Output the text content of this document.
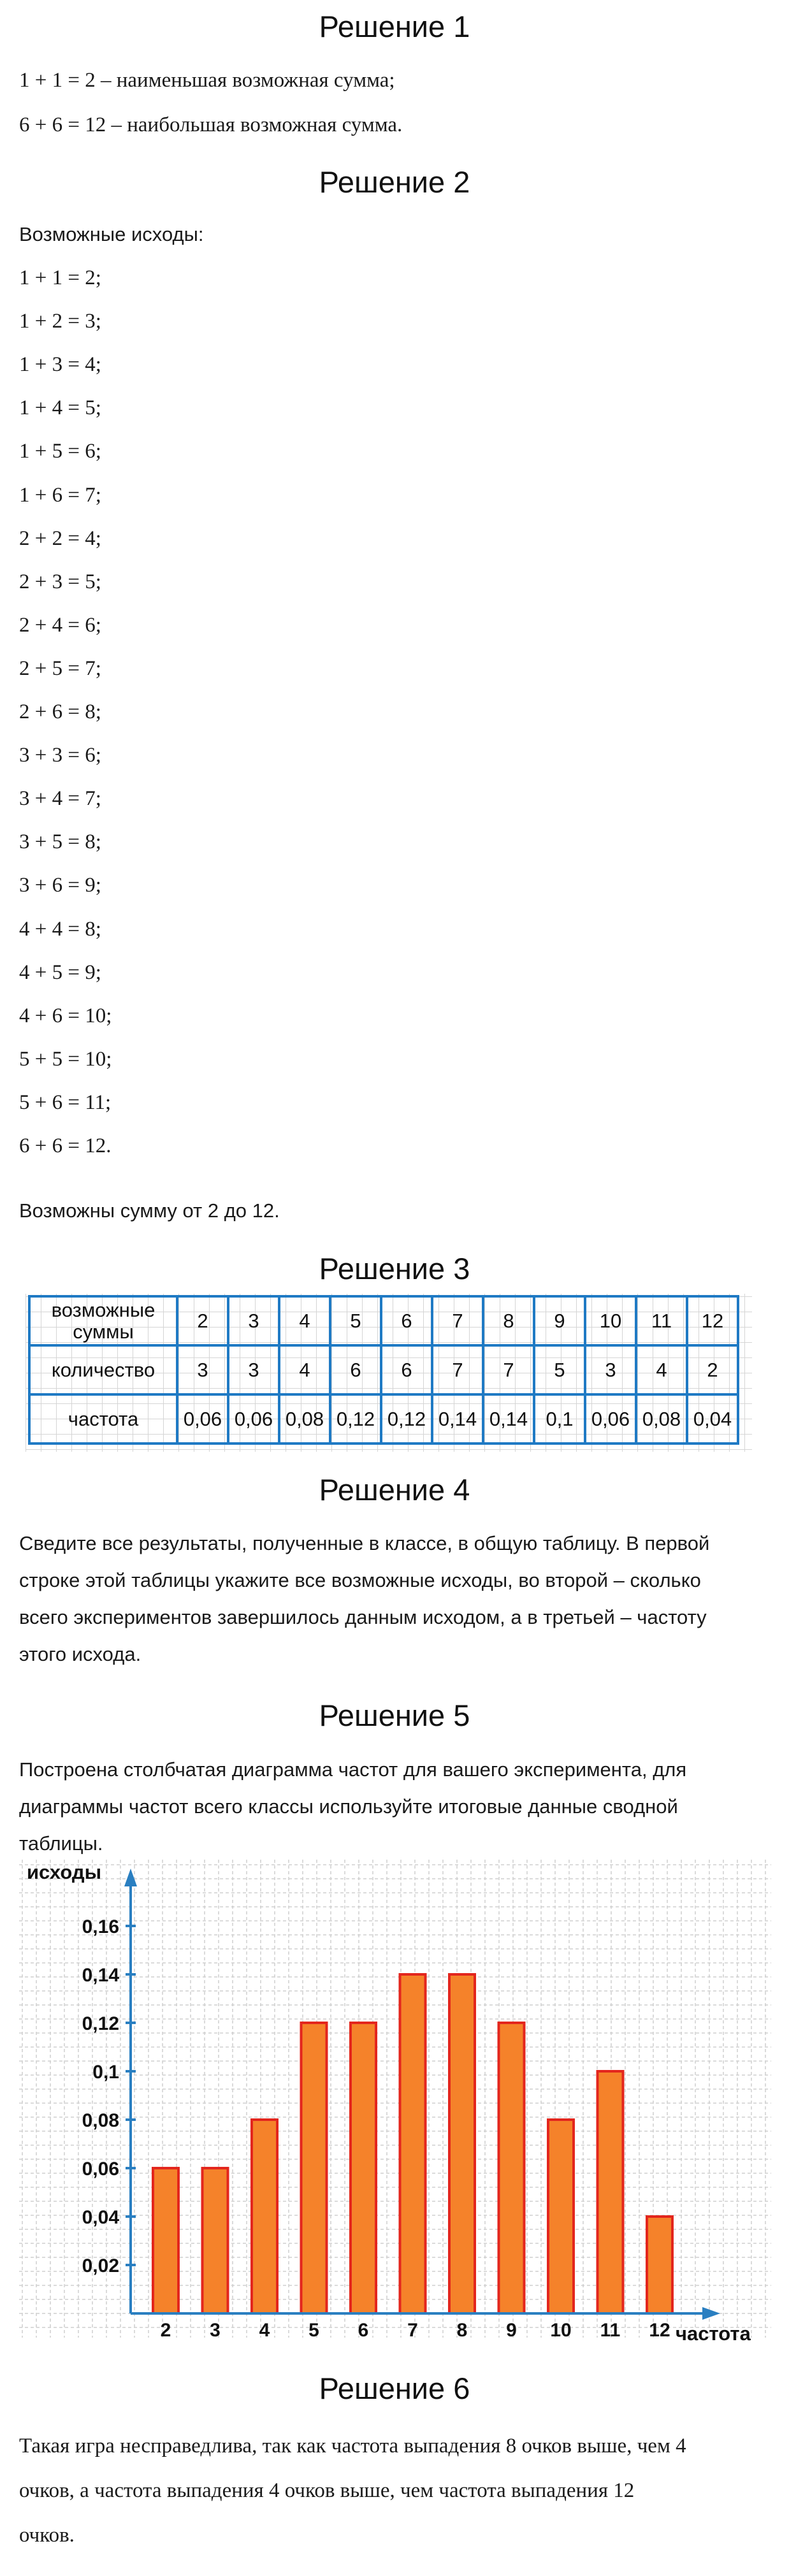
Решение 1
1 + 1 = 2 – наименьшая возможная сумма;
6 + 6 = 12 – наибольшая возможная сумма.
Решение 2
Возможные исходы:
1 + 1 = 2;
1 + 2 = 3;
1 + 3 = 4;
1 + 4 = 5;
1 + 5 = 6;
1 + 6 = 7;
2 + 2 = 4;
2 + 3 = 5;
2 + 4 = 6;
2 + 5 = 7;
2 + 6 = 8;
3 + 3 = 6;
3 + 4 = 7;
3 + 5 = 8;
3 + 6 = 9;
4 + 4 = 8;
4 + 5 = 9;
4 + 6 = 10;
5 + 5 = 10;
5 + 6 = 11;
6 + 6 = 12.
Возможны сумму от 2 до 12.
Решение 3
возможные
суммы	2	3	4	5	6	7	8	9	10	11	12
количество	3	3	4	6	6	7	7	5	3	4	2
частота	0,06	0,06	0,08	0,12	0,12	0,14	0,14	0,1	0,06	0,08	0,04
Решение 4
Сведите все результаты, полученные в классе, в общую таблицу. В первой
строке этой таблицы укажите все возможные исходы, во второй – сколько
всего экспериментов завершилось данным исходом, а в третьей – частоту
этого исхода.
Решение 5
Построена столбчатая диаграмма частот для вашего эксперимента, для
диаграммы частот всего классы используйте итоговые данные сводной
таблицы.
2 3 4 5 6 7 8 9 10 11 12
0,02
0,04
0,06
0,08
0,1
0,12
0,14
0,16
исходы
частота
Решение 6
Такая игра несправедлива, так как частота выпадения 8 очков выше, чем 4
очков, а частота выпадения 4 очков выше, чем частота выпадения 12
очков.
